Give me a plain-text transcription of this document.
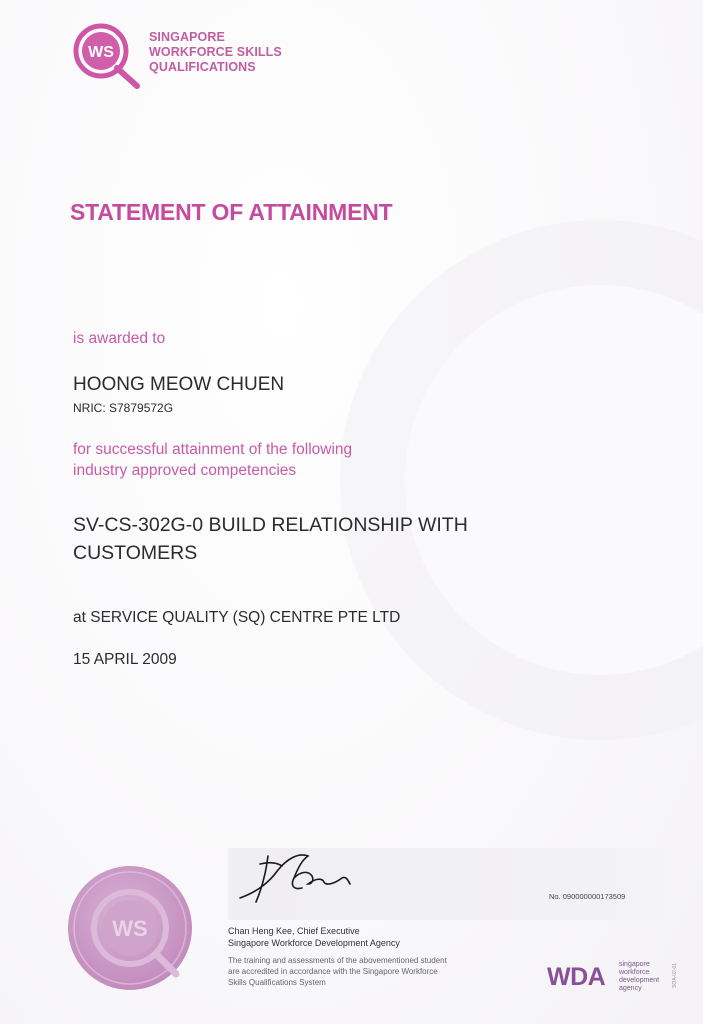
WS
SINGAPORE
WORKFORCE SKILLS
QUALIFICATIONS
STATEMENT OF ATTAINMENT
is awarded to
HOONG MEOW CHUEN
NRIC: S7879572G
for successful attainment of the following
industry approved competencies
SV-CS-302G-0 BUILD RELATIONSHIP WITH
CUSTOMERS
at SERVICE QUALITY (SQ) CENTRE PTE LTD
15 APRIL 2009
WS
No. 090000000173509
Chan Heng Kee, Chief Executive
Singapore Workforce Development Agency
The training and assessments of the abovementioned student
are accredited in accordance with the Singapore Workforce
Skills Qualifications System	WDA singapore
workforce
development
agency
SOA-02-01
